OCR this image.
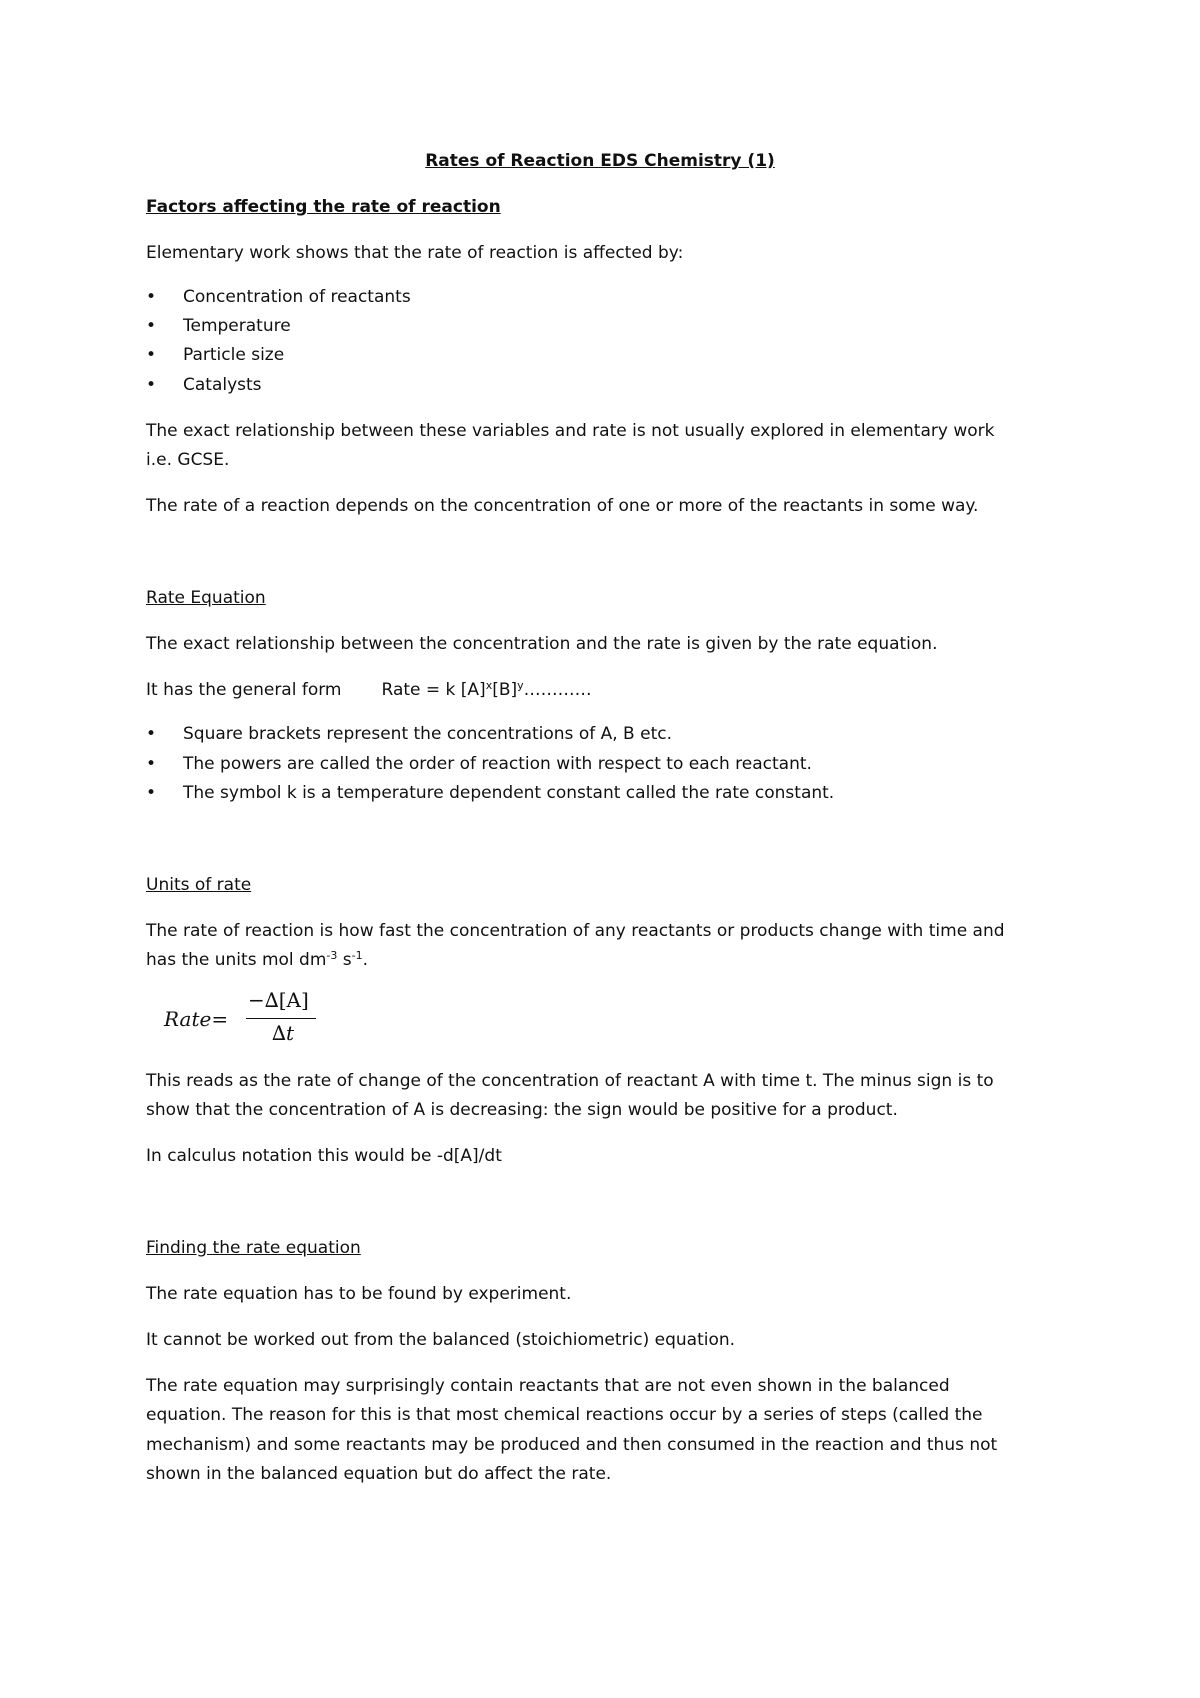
Rates of Reaction EDS Chemistry (1)
Factors affecting the rate of reaction
Elementary work shows that the rate of reaction is affected by:
• Concentration of reactants
• Temperature
• Particle size
• Catalysts
The exact relationship between these variables and rate is not usually explored in elementary work
i.e. GCSE.
The rate of a reaction depends on the concentration of one or more of the reactants in some way.
Rate Equation
The exact relationship between the concentration and the rate is given by the rate equation.
It has the general form Rate = k $[A]^x[B]^y\dots\dots\dots\dots$
• Square brackets represent the concentrations of A, B etc.
• The powers are called the order of reaction with respect to each reactant.
• The symbol k is a temperature dependent constant called the rate constant.
Units of rate
The rate of reaction is how fast the concentration of any reactants or products change with time and
has the units mol $dm^{-3}$ $s^{-1}$.
Rate=
−∆[A]
∆t
This reads as the rate of change of the concentration of reactant A with time t. The minus sign is to
show that the concentration of A is decreasing: the sign would be positive for a product.
In calculus notation this would be -d[A]/dt
Finding the rate equation
The rate equation has to be found by experiment.
It cannot be worked out from the balanced (stoichiometric) equation.
The rate equation may surprisingly contain reactants that are not even shown in the balanced
equation. The reason for this is that most chemical reactions occur by a series of steps (called the
mechanism) and some reactants may be produced and then consumed in the reaction and thus not
shown in the balanced equation but do affect the rate.
